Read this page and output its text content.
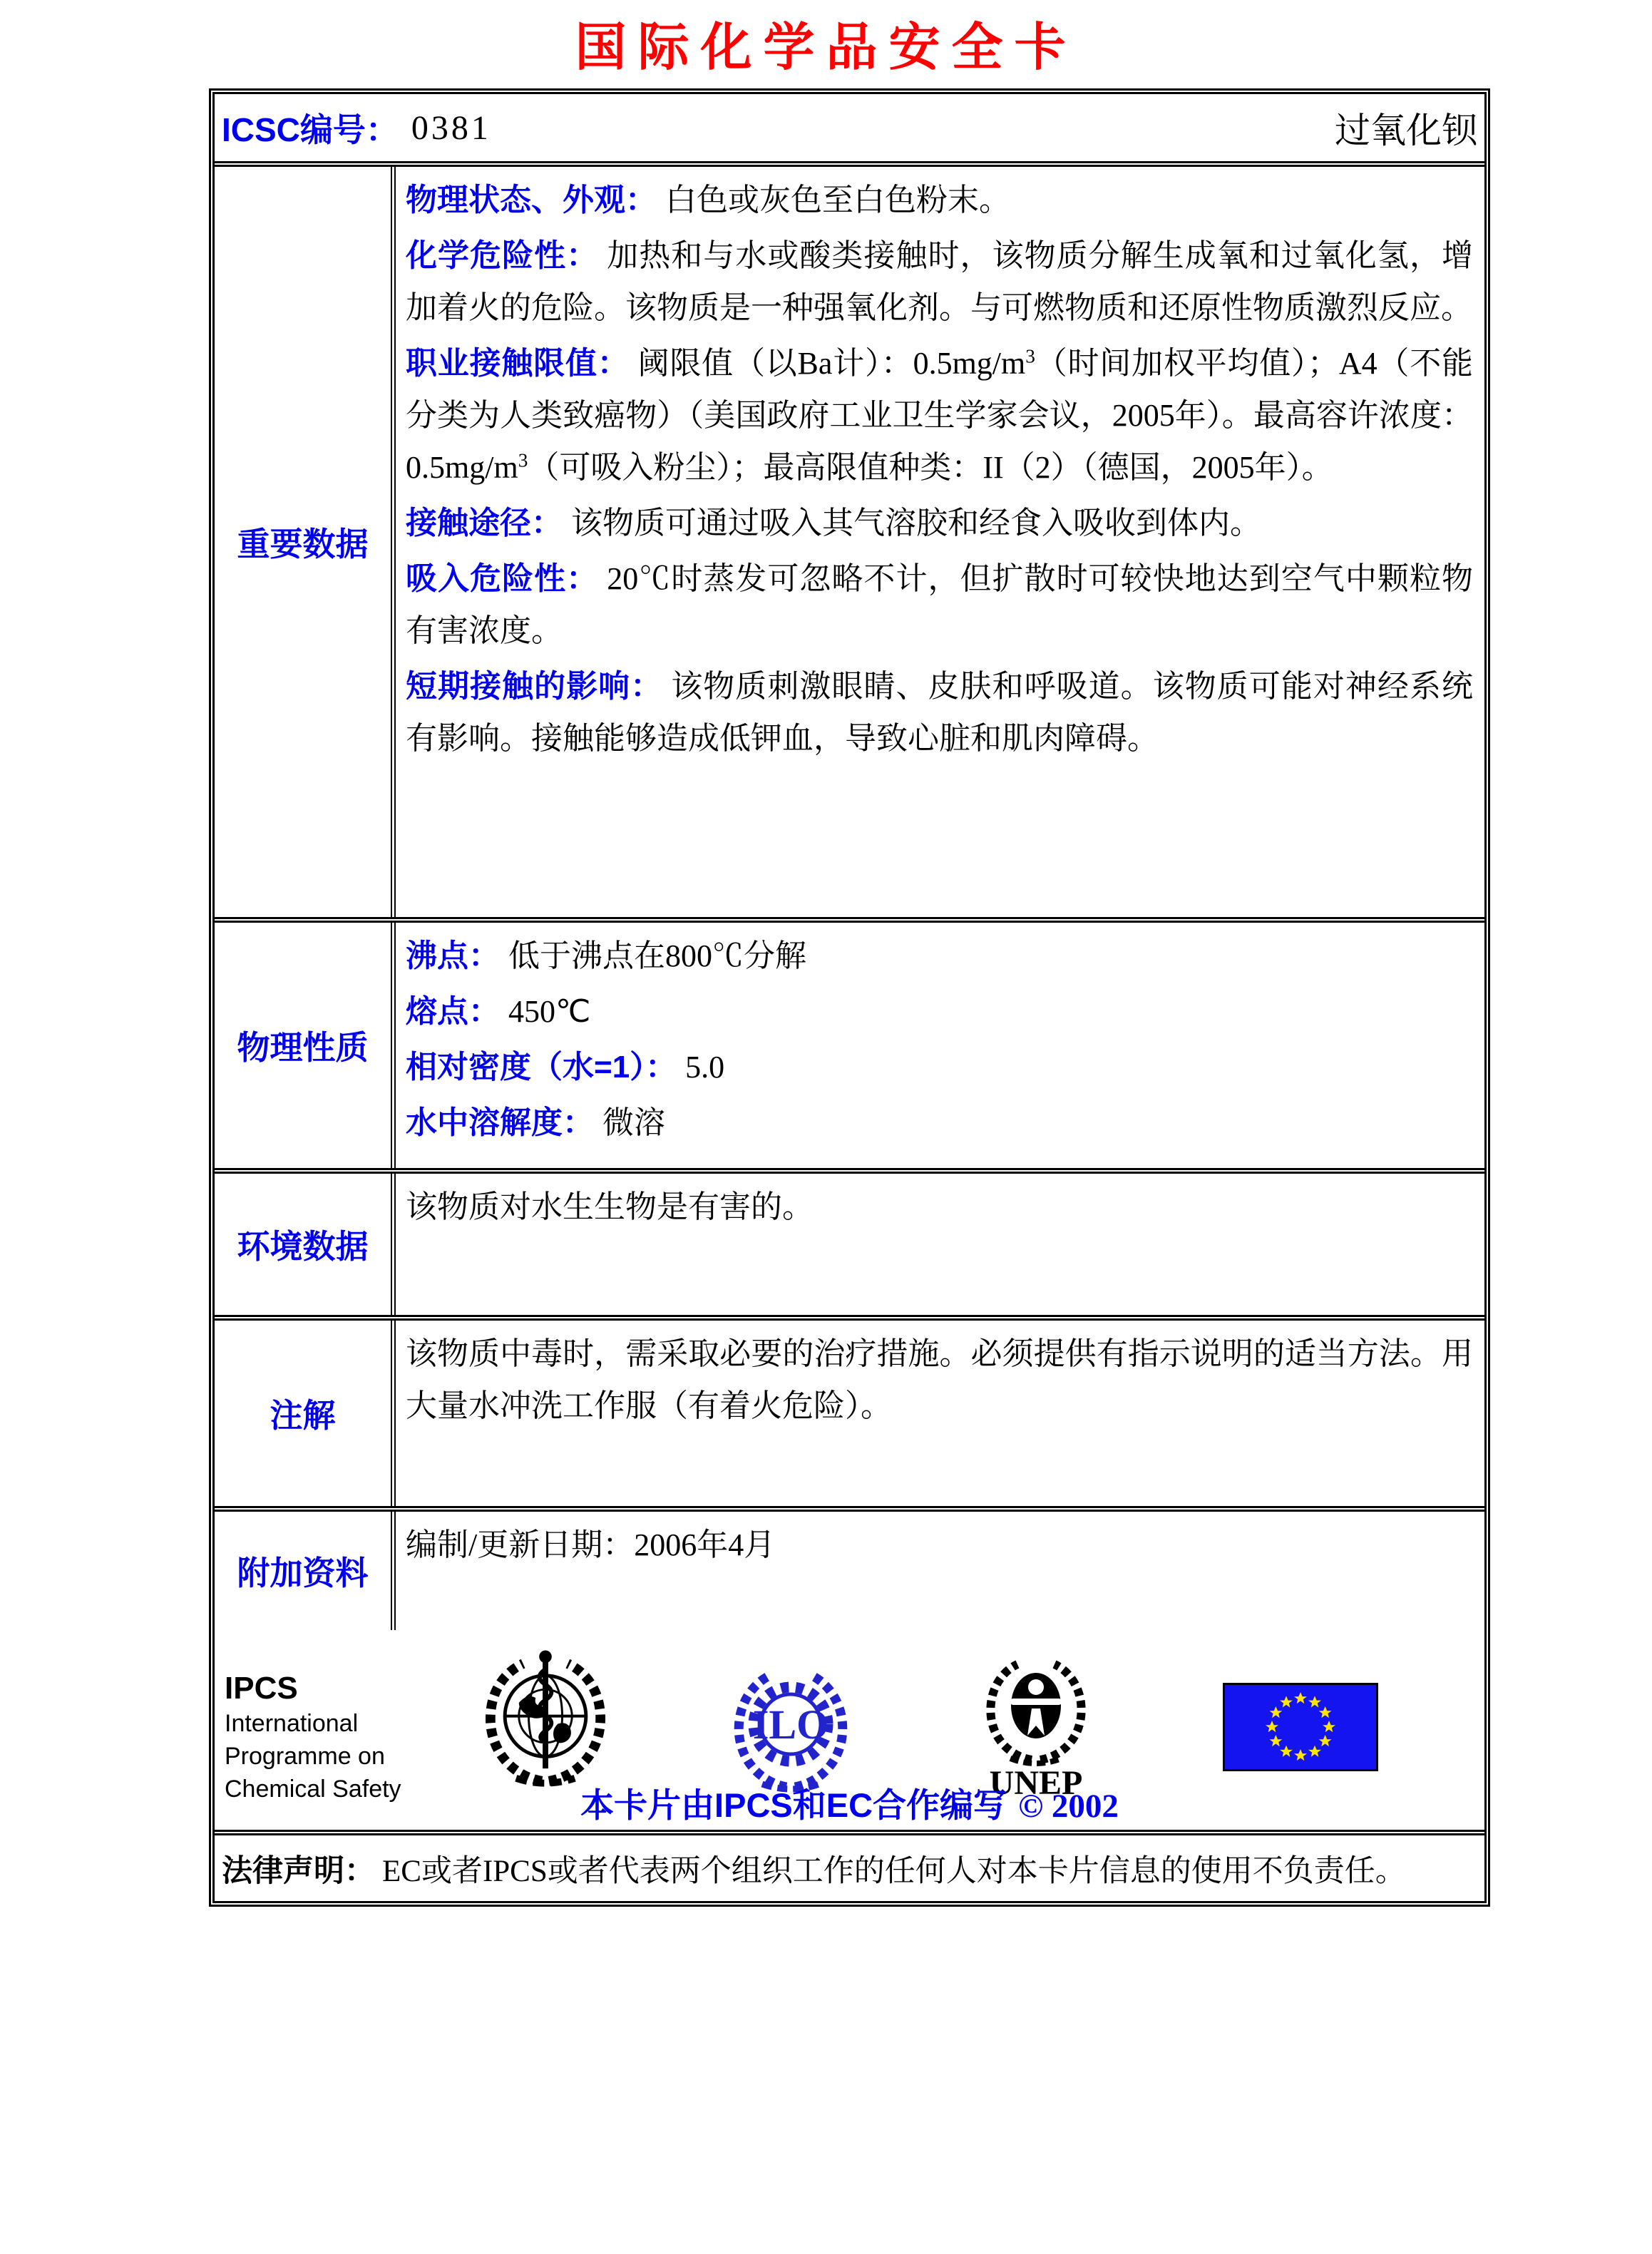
国际化学品安全卡
ICSC编号： 0381	过氧化钡
重要数据
物理状态、外观： 白色或灰色至白色粉末。
化学危险性： 加热和与水或酸类接触时，该物质分解生成氧和过氧化氢，增加着火的危险。该物质是一种强氧化剂。与可燃物质和还原性物质激烈反应。
职业接触限值： 阈限值（以Ba计）：$0.5mg/m^3$（时间加权平均值）；A4（不能分类为人类致癌物）（美国政府工业卫生学家会议，2005年）。最高容许浓度：$0.5mg/m^3$（可吸入粉尘）；最高限值种类：II（2）（德国，2005年）。
接触途径： 该物质可通过吸入其气溶胶和经食入吸收到体内。
吸入危险性： 20℃时蒸发可忽略不计，但扩散时可较快地达到空气中颗粒物有害浓度。
短期接触的影响： 该物质刺激眼睛、皮肤和呼吸道。该物质可能对神经系统有影响。接触能够造成低钾血，导致心脏和肌肉障碍。
物理性质
沸点： 低于沸点在800℃分解
熔点： 450℃
相对密度（水=1）： 5.0
水中溶解度： 微溶
环境数据
该物质对水生生物是有害的。
注解
该物质中毒时，需采取必要的治疗措施。必须提供有指示说明的适当方法。用大量水冲洗工作服（有着火危险）。
附加资料
编制/更新日期：2006年4月
IPCS
International
Programme on
Chemical Safety
ILO
UNEP
本卡片由IPCS和EC合作编写 © 2002
法律声明： EC或者IPCS或者代表两个组织工作的任何人对本卡片信息的使用不负责任。
